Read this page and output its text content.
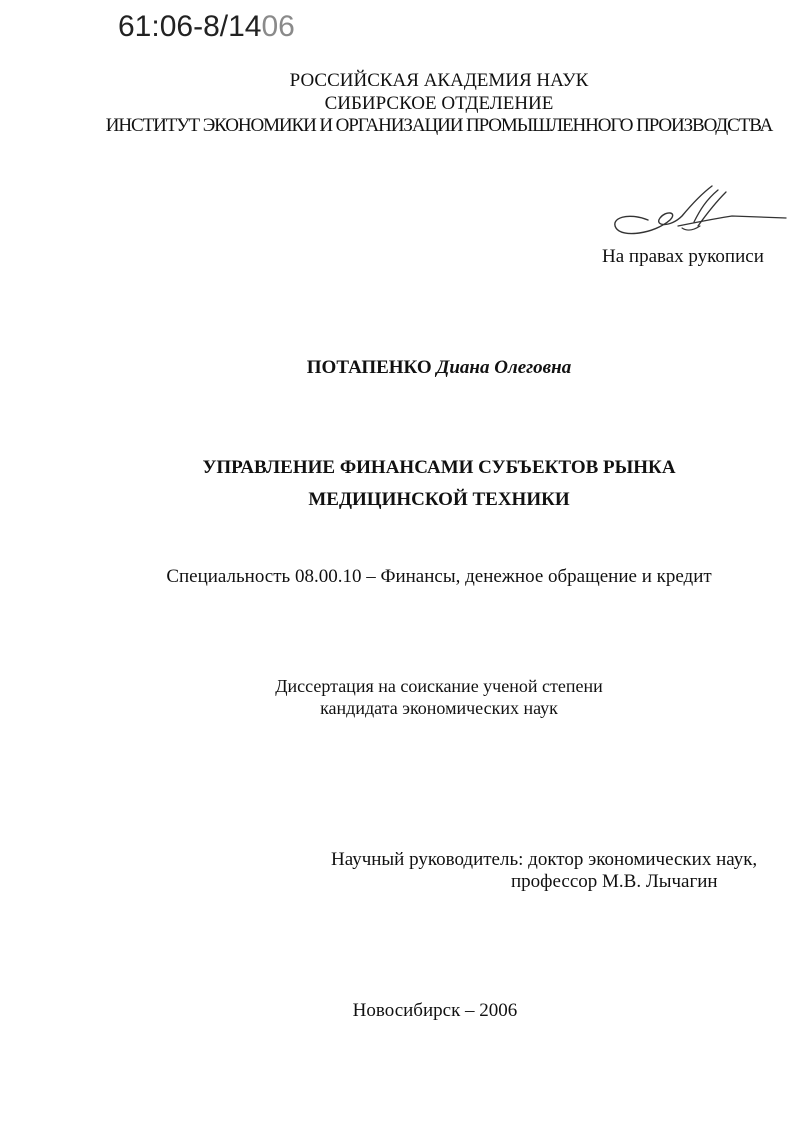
61:06-8/1406
РОССИЙСКАЯ АКАДЕМИЯ НАУК
СИБИРСКОЕ ОТДЕЛЕНИЕ
ИНСТИТУТ ЭКОНОМИКИ И ОРГАНИЗАЦИИ ПРОМЫШЛЕННОГО ПРОИЗВОДСТВА
На правах рукописи
ПОТАПЕНКО Диана Олеговна
УПРАВЛЕНИЕ ФИНАНСАМИ СУБЪЕКТОВ РЫНКА
МЕДИЦИНСКОЙ ТЕХНИКИ
Специальность 08.00.10 – Финансы, денежное обращение и кредит
Диссертация на соискание ученой степени
кандидата экономических наук
Научный руководитель: доктор экономических наук,
профессор М.В. Лычагин
Новосибирск – 2006
